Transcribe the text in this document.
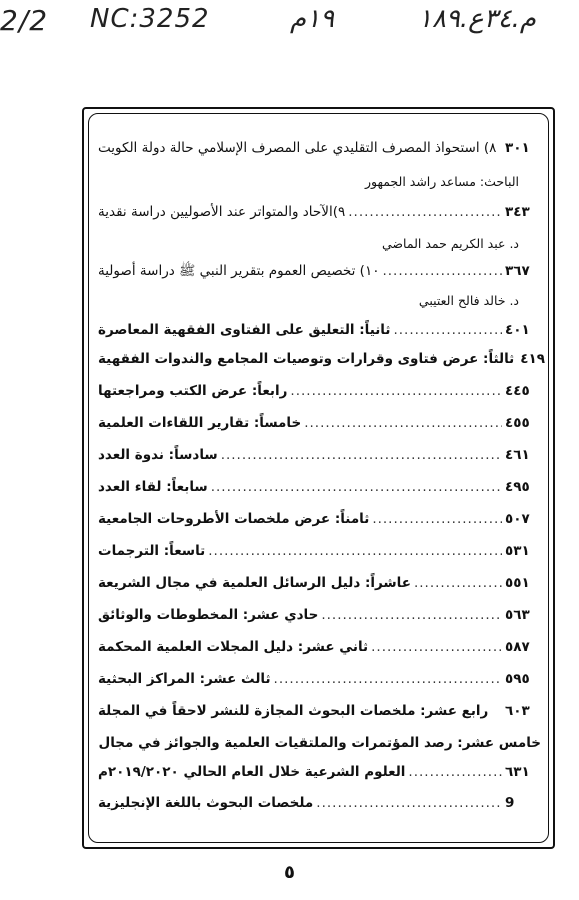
2/2 NC:3252	١٩م	م.٣٤ع.١٨٩
٨) استحواذ المصرف التقليدي على المصرف الإسلامي حالة دولة الكويت ٣٠١
الباحث: مساعد راشد الجمهور
٩)الآحاد والمتواتر عند الأصوليين دراسة نقدية .....	٣٤٣
د. عبد الكريم حمد الماضي
١٠) تخصيص العموم بتقرير النبي ﷺ دراسة أصولية .....	٣٦٧
د. خالد فالح العتيبي
ثانياً: التعليق على الفتاوى الفقهية المعاصرة .....	٤٠١
ثالثاً: عرض فتاوى وقرارات وتوصيات المجامع والندوات الفقهية ٤١٩
رابعاً: عرض الكتب ومراجعتها .....	٤٤٥
خامساً: تقارير اللقاءات العلمية .....	٤٥٥
سادساً: ندوة العدد .....	٤٦١
سابعاً: لقاء العدد .....	٤٩٥
ثامناً: عرض ملخصات الأطروحات الجامعية .....	٥٠٧
تاسعاً: الترجمات .....	٥٣١
عاشراً: دليل الرسائل العلمية في مجال الشريعة .....	٥٥١
حادي عشر: المخطوطات والوثائق .....	٥٦٣
ثاني عشر: دليل المجلات العلمية المحكمة .....	٥٨٧
ثالث عشر: المراكز البحثية .....	٥٩٥
رابع عشر: ملخصات البحوث المجازة للنشر لاحقاً في المجلة ٦٠٣
خامس عشر: رصد المؤتمرات والملتقيات العلمية والجوائز في مجال
العلوم الشرعية خلال العام الحالي ٢٠١٩/٢٠٢٠م .....	٦٣١
ملخصات البحوث باللغة الإنجليزية .....	9
٥
